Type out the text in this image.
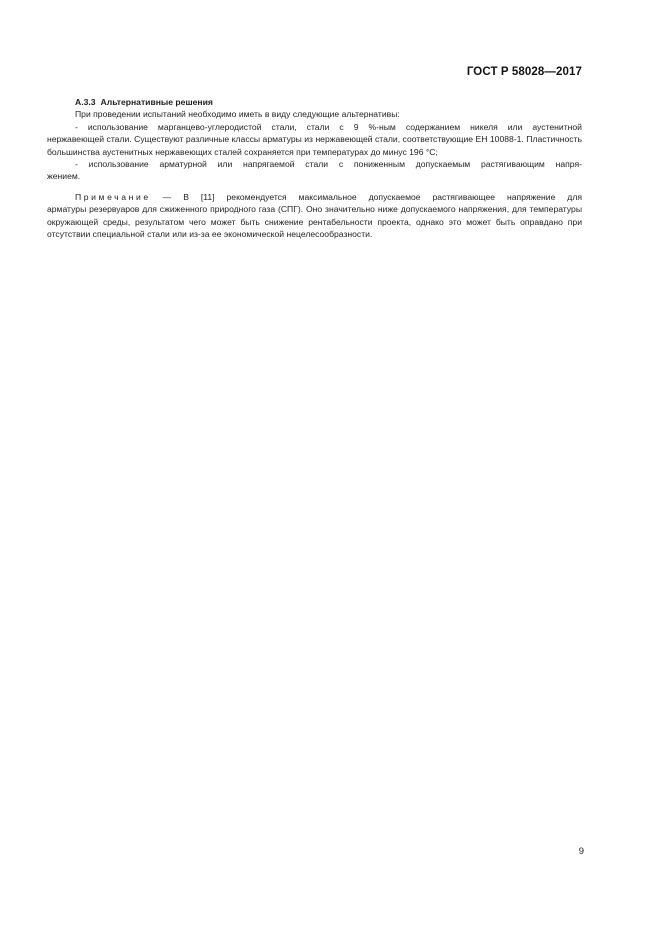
ГОСТ Р 58028—2017

А.3.3 Альтернативные решения

При проведении испытаний необходимо иметь в виду следующие альтернативы:

- использование марганцево-углеродистой стали, стали с 9 %-ным содержанием никеля или аустенитной
нержавеющей стали. Существуют различные классы арматуры из нержавеющей стали, соответствующие ЕН 10088-1. Пластичность большинства аустенитных нержавеющих сталей сохраняется при температурах до минус 196 °С;

- использование арматурной или напрягаемой стали с пониженным допускаемым растягивающим напря-
жением.

Примечание — В [11] рекомендуется максимальное допускаемое растягивающее напряжение для
арматуры резервуаров для сжиженного природного газа (СПГ). Оно значительно ниже допускаемого напряжения, для температуры окружающей среды, результатом чего может быть снижение рентабельности проекта, однако это может быть оправдано при отсутствии специальной стали или из-за ее экономической нецелесообразности.

9
